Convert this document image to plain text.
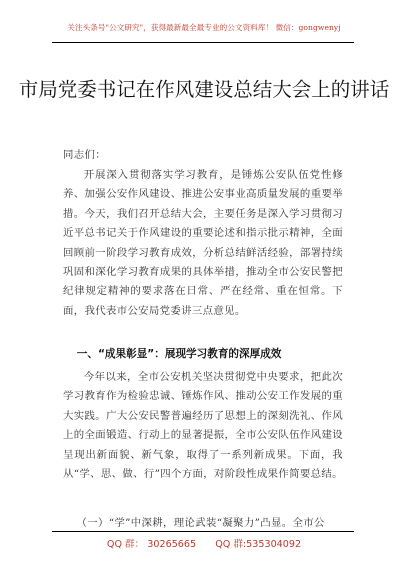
关注头条号"公文研究"，获得最新最全最专业的公文资料库！ 微信：gongwenyj
市局党委书记在作风建设总结大会上的讲话
同志们：
开展深入贯彻落实学习教育，是锤炼公安队伍党性修养、加强公安作风建设、推进公安事业高质量发展的重要举措。今天，我们召开总结大会，主要任务是深入学习贯彻习近平总书记关于作风建设的重要论述和指示批示精神，全面回顾前一阶段学习教育成效，分析总结鲜活经验，部署持续巩固和深化学习教育成果的具体举措，推动全市公安民警把纪律规定精神的要求落在日常、严在经常、重在恒常。下面，我代表市公安局党委讲三点意见。
一、“成果彰显”：展现学习教育的深厚成效
今年以来，全市公安机关坚决贯彻党中央要求，把此次学习教育作为检验忠诚、锤炼作风、推动公安工作发展的重大实践。广大公安民警普遍经历了思想上的深刻洗礼、作风上的全面锻造、行动上的显著提振，全市公安队伍作风建设呈现出新面貌、新气象，取得了一系列新成果。下面，我从“学、思、做、行”四个方面，对阶段性成果作简要总结。
（一）“学”中深耕，理论武装“凝聚力”凸显。全市公
QQ 群： 30265665 QQ 群:535304092
